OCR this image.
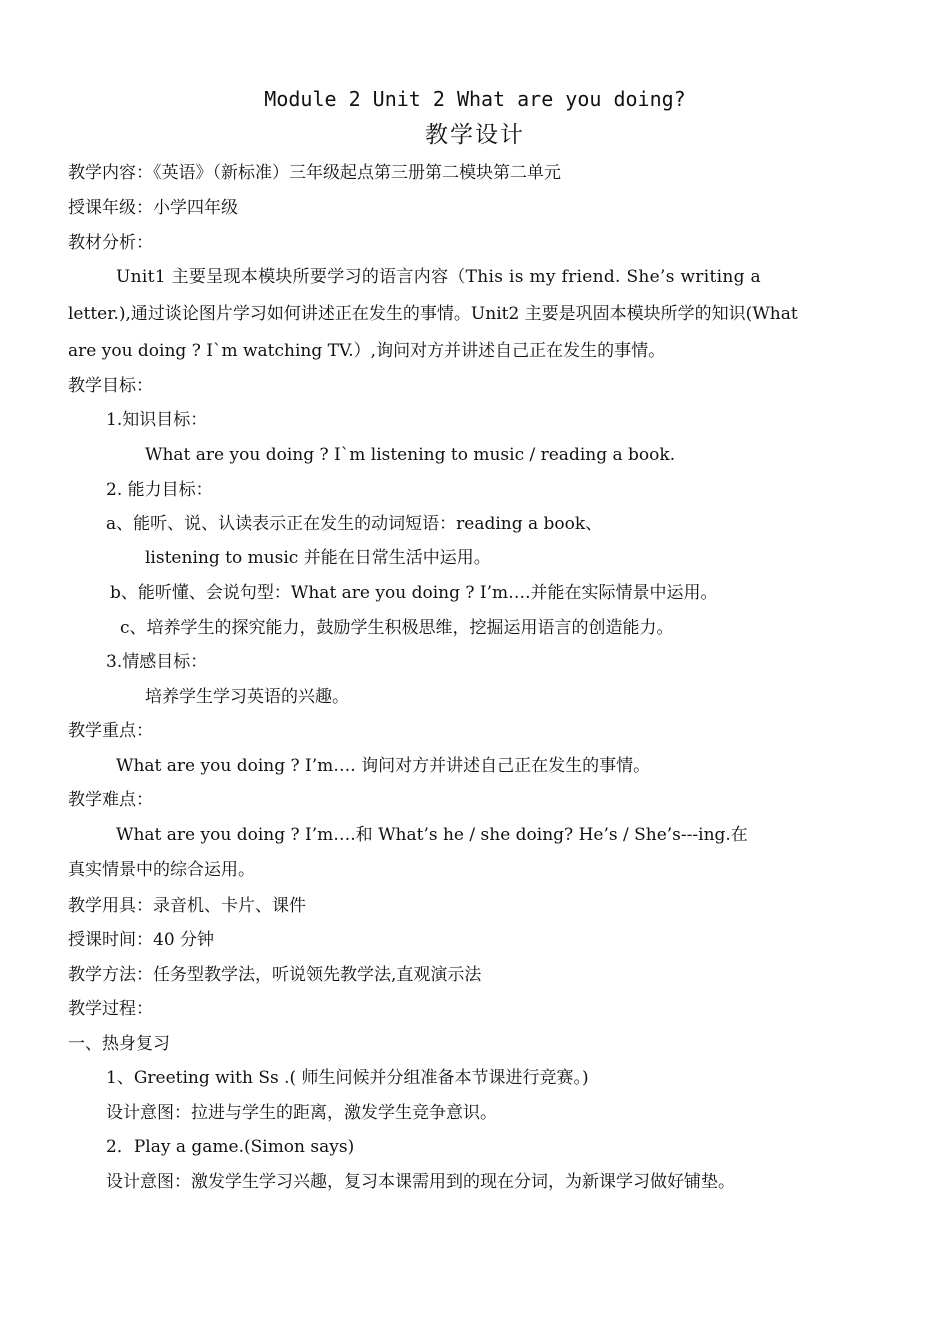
Module 2 Unit 2 What are you doing?
教学设计
教学内容：《英语》（新标准）三年级起点第三册第二模块第二单元
授课年级：小学四年级
教材分析：
Unit1 主要呈现本模块所要学习的语言内容（This is my friend. She’s writing a
letter.),通过谈论图片学习如何讲述正在发生的事情。Unit2 主要是巩固本模块所学的知识(What
are you doing ? I`m watching TV.）,询问对方并讲述自己正在发生的事情。
教学目标：
1.知识目标：
What are you doing ? I`m listening to music / reading a book.
2. 能力目标：
a、能听、说、认读表示正在发生的动词短语：reading a book、
listening to music 并能在日常生活中运用。
b、能听懂、会说句型：What are you doing ? I’m….并能在实际情景中运用。
c、培养学生的探究能力，鼓励学生积极思维，挖掘运用语言的创造能力。
3.情感目标：
培养学生学习英语的兴趣。
教学重点：
What are you doing ? I’m…. 询问对方并讲述自己正在发生的事情。
教学难点：
What are you doing ? I’m….和 What’s he / she doing? He’s / She’s---ing.在
真实情景中的综合运用。
教学用具：录音机、卡片、课件
授课时间：40 分钟
教学方法：任务型教学法，听说领先教学法,直观演示法
教学过程：
一、热身复习
1、Greeting with Ss .( 师生问候并分组准备本节课进行竞赛。)
设计意图：拉进与学生的距离，激发学生竞争意识。
2．Play a game.(Simon says)
设计意图：激发学生学习兴趣，复习本课需用到的现在分词，为新课学习做好铺垫。
